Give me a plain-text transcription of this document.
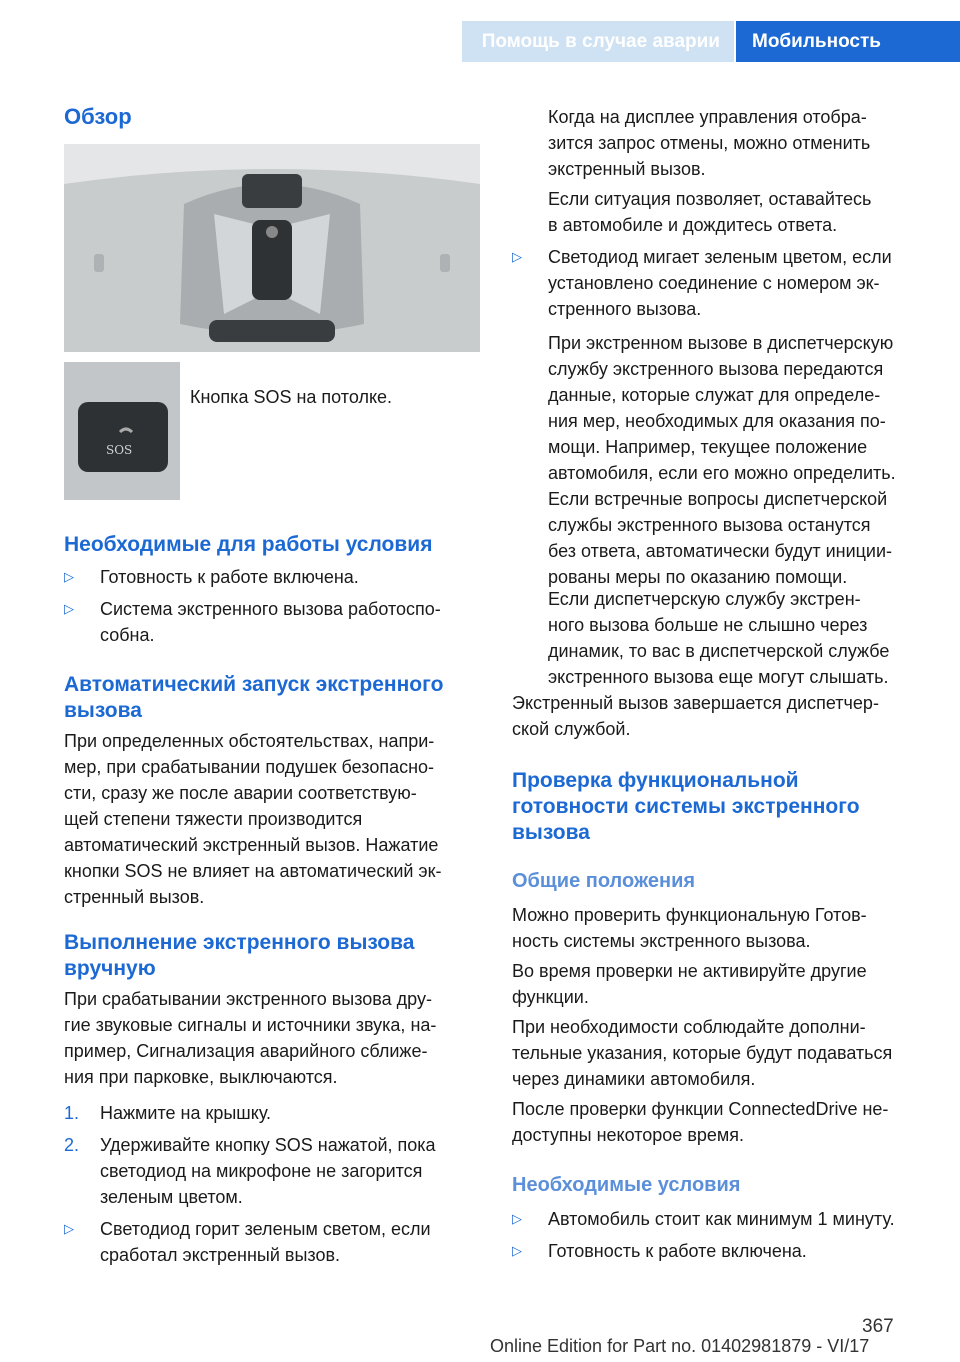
Помощь в случае аварии Мобильность
Обзор
SOS

Кнопка SOS на потолке.

Необходимые для работы условия
▷ Готовность к работе включена.
▷ Система экстренного вызова работоспо-
собна.
Автоматический запуск экстренного
вызова
При определенных обстоятельствах, напри-
мер, при срабатывании подушек безопасно-
сти, сразу же после аварии соответствую-
щей степени тяжести производится
автоматический экстренный вызов. Нажатие
кнопки SOS не влияет на автоматический эк-
стренный вызов.
Выполнение экстренного вызова
вручную
При срабатывании экстренного вызова дру-
гие звуковые сигналы и источники звука, на-
пример, Сигнализация аварийного сближе-
ния при парковке, выключаются.
1. Нажмите на крышку.
2. Удерживайте кнопку SOS нажатой, пока
светодиод на микрофоне не загорится
зеленым цветом.
▷ Светодиод горит зеленым светом, если
сработал экстренный вызов.
Когда на дисплее управления отобра-
зится запрос отмены, можно отменить
экстренный вызов.
Если ситуация позволяет, оставайтесь
в автомобиле и дождитесь ответа.
▷ Светодиод мигает зеленым цветом, если
установлено соединение с номером эк-
стренного вызова.
При экстренном вызове в диспетчерскую
службу экстренного вызова передаются
данные, которые служат для определе-
ния мер, необходимых для оказания по-
мощи. Например, текущее положение
автомобиля, если его можно определить.
Если встречные вопросы диспетчерской
службы экстренного вызова останутся
без ответа, автоматически будут иниции-
рованы меры по оказанию помощи.
Если диспетчерскую службу экстрен-
ного вызова больше не слышно через
динамик, то вас в диспетчерской службе
экстренного вызова еще могут слышать.
Экстренный вызов завершается диспетчер-
ской службой.
Проверка функциональной
готовности системы экстренного
вызова
Общие положения
Можно проверить функциональную Готов-
ность системы экстренного вызова.
Во время проверки не активируйте другие
функции.
При необходимости соблюдайте дополни-
тельные указания, которые будут подаваться
через динамики автомобиля.
После проверки функции ConnectedDrive не-
доступны некоторое время.
Необходимые условия
▷ Автомобиль стоит как минимум 1 минуту.
▷ Готовность к работе включена.
367
Online Edition for Part no. 01402981879 - VI/17
